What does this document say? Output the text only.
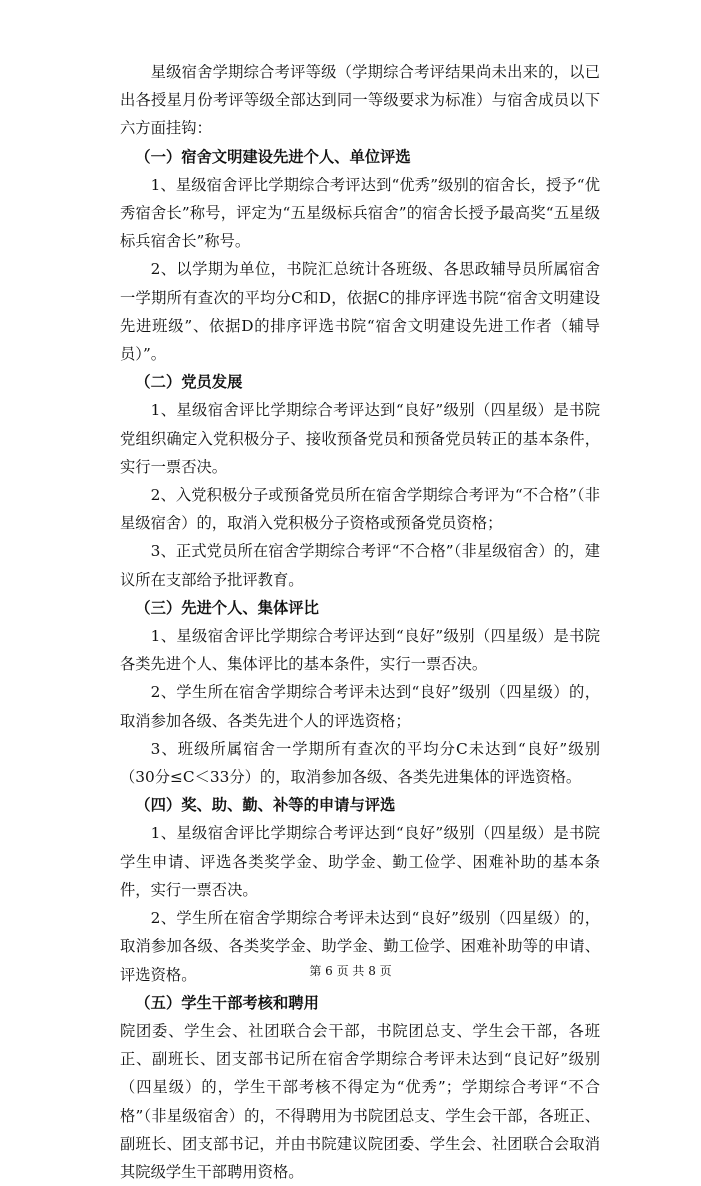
星级宿舍学期综合考评等级（学期综合考评结果尚未出来的，以已出各授星月份考评等级全部达到同一等级要求为标准）与宿舍成员以下六方面挂钩：

（一）宿舍文明建设先进个人、单位评选

1、星级宿舍评比学期综合考评达到“优秀”级别的宿舍长，授予“优秀宿舍长”称号，评定为“五星级标兵宿舍”的宿舍长授予最高奖“五星级标兵宿舍长”称号。

2、以学期为单位，书院汇总统计各班级、各思政辅导员所属宿舍一学期所有查次的平均分C和D，依据C的排序评选书院“宿舍文明建设先进班级”、依据D的排序评选书院“宿舍文明建设先进工作者（辅导员）”。

（二）党员发展

1、星级宿舍评比学期综合考评达到“良好”级别（四星级）是书院党组织确定入党积极分子、接收预备党员和预备党员转正的基本条件，实行一票否决。

2、入党积极分子或预备党员所在宿舍学期综合考评为“不合格”（非星级宿舍）的，取消入党积极分子资格或预备党员资格；

3、正式党员所在宿舍学期综合考评“不合格”（非星级宿舍）的，建议所在支部给予批评教育。

（三）先进个人、集体评比

1、星级宿舍评比学期综合考评达到“良好”级别（四星级）是书院各类先进个人、集体评比的基本条件，实行一票否决。

2、学生所在宿舍学期综合考评未达到“良好”级别（四星级）的，取消参加各级、各类先进个人的评选资格；

3、班级所属宿舍一学期所有查次的平均分C未达到“良好”级别（30分≤C＜33分）的，取消参加各级、各类先进集体的评选资格。

（四）奖、助、勤、补等的申请与评选

1、星级宿舍评比学期综合考评达到“良好”级别（四星级）是书院学生申请、评选各类奖学金、助学金、勤工俭学、困难补助的基本条件，实行一票否决。

2、学生所在宿舍学期综合考评未达到“良好”级别（四星级）的，取消参加各级、各类奖学金、助学金、勤工俭学、困难补助等的申请、评选资格。

（五）学生干部考核和聘用

院团委、学生会、社团联合会干部，书院团总支、学生会干部，各班正、副班长、团支部书记所在宿舍学期综合考评未达到“良记好”级别（四星级）的，学生干部考核不得定为“优秀”；学期综合考评“不合格”（非星级宿舍）的，不得聘用为书院团总支、学生会干部，各班正、副班长、团支部书记，并由书院建议院团委、学生会、社团联合会取消其院级学生干部聘用资格。

第 6 页 共 8 页
